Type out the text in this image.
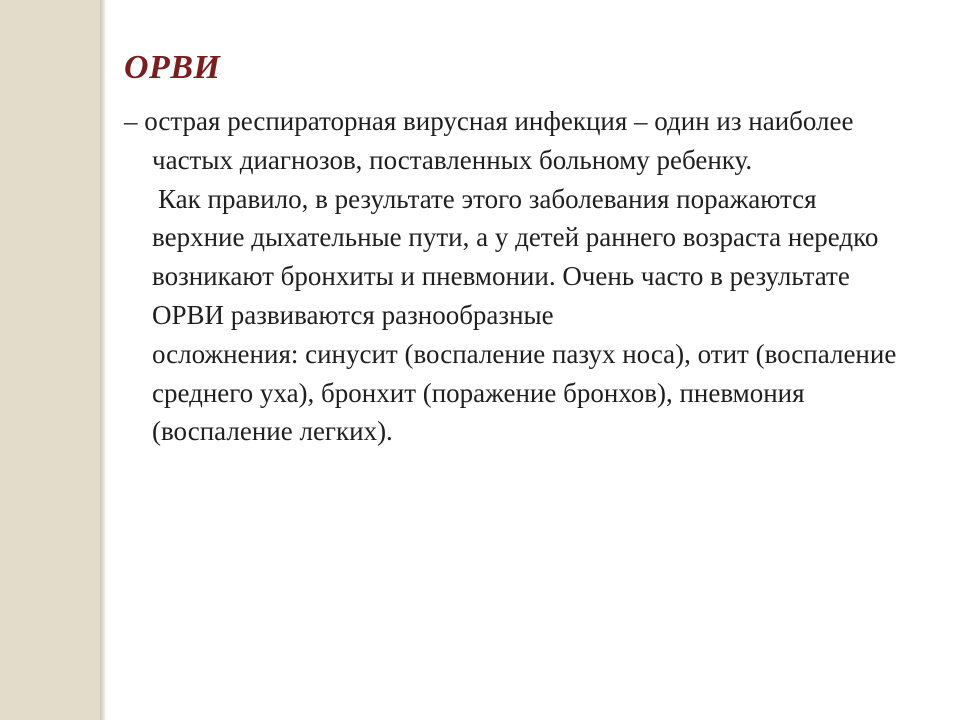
ОРВИ

– острая респираторная вирусная инфекция – один из наиболее частых диагнозов, поставленных больному ребенку.

Как правило, в результате этого заболевания поражаются верхние дыхательные пути, а у детей раннего возраста нередко возникают бронхиты и пневмонии. Очень часто в результате ОРВИ развиваются разнообразные

осложнения: синусит (воспаление пазух носа), отит (воспаление среднего уха), бронхит (поражение бронхов), пневмония (воспаление легких).
